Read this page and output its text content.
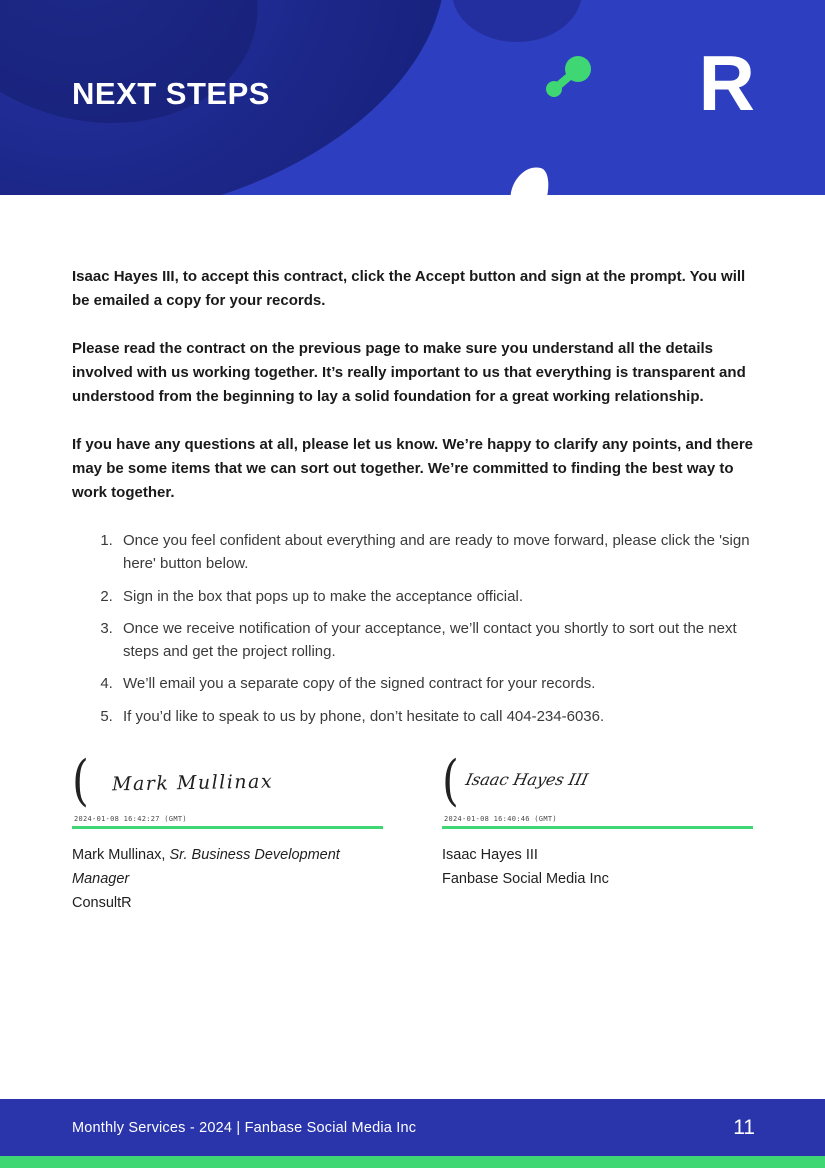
NEXT STEPS	R

Isaac Hayes III, to accept this contract, click the Accept button and sign at the prompt. You will be emailed a copy for your records.

Please read the contract on the previous page to make sure you understand all the details involved with us working together. It’s really important to us that everything is transparent and understood from the beginning to lay a solid foundation for a great working relationship.

If you have any questions at all, please let us know. We’re happy to clarify any points, and there may be some items that we can sort out together. We’re committed to finding the best way to work together.

1. Once you feel confident about everything and are ready to move forward, please click the 'sign here' button below.
2. Sign in the box that pops up to make the acceptance official.
3. Once we receive notification of your acceptance, we’ll contact you shortly to sort out the next steps and get the project rolling.
4. We’ll email you a separate copy of the signed contract for your records.
5. If you’d like to speak to us by phone, don’t hesitate to call 404-234-6036.
( Mark Mullinax
2024-01-08 16:42:27 (GMT)

Mark Mullinax, Sr. Business Development Manager

ConsultR

( Isaac Hayes III
2024-01-08 16:40:46 (GMT)

Isaac Hayes III

Fanbase Social Media Inc

Monthly Services - 2024 | Fanbase Social Media Inc	11
